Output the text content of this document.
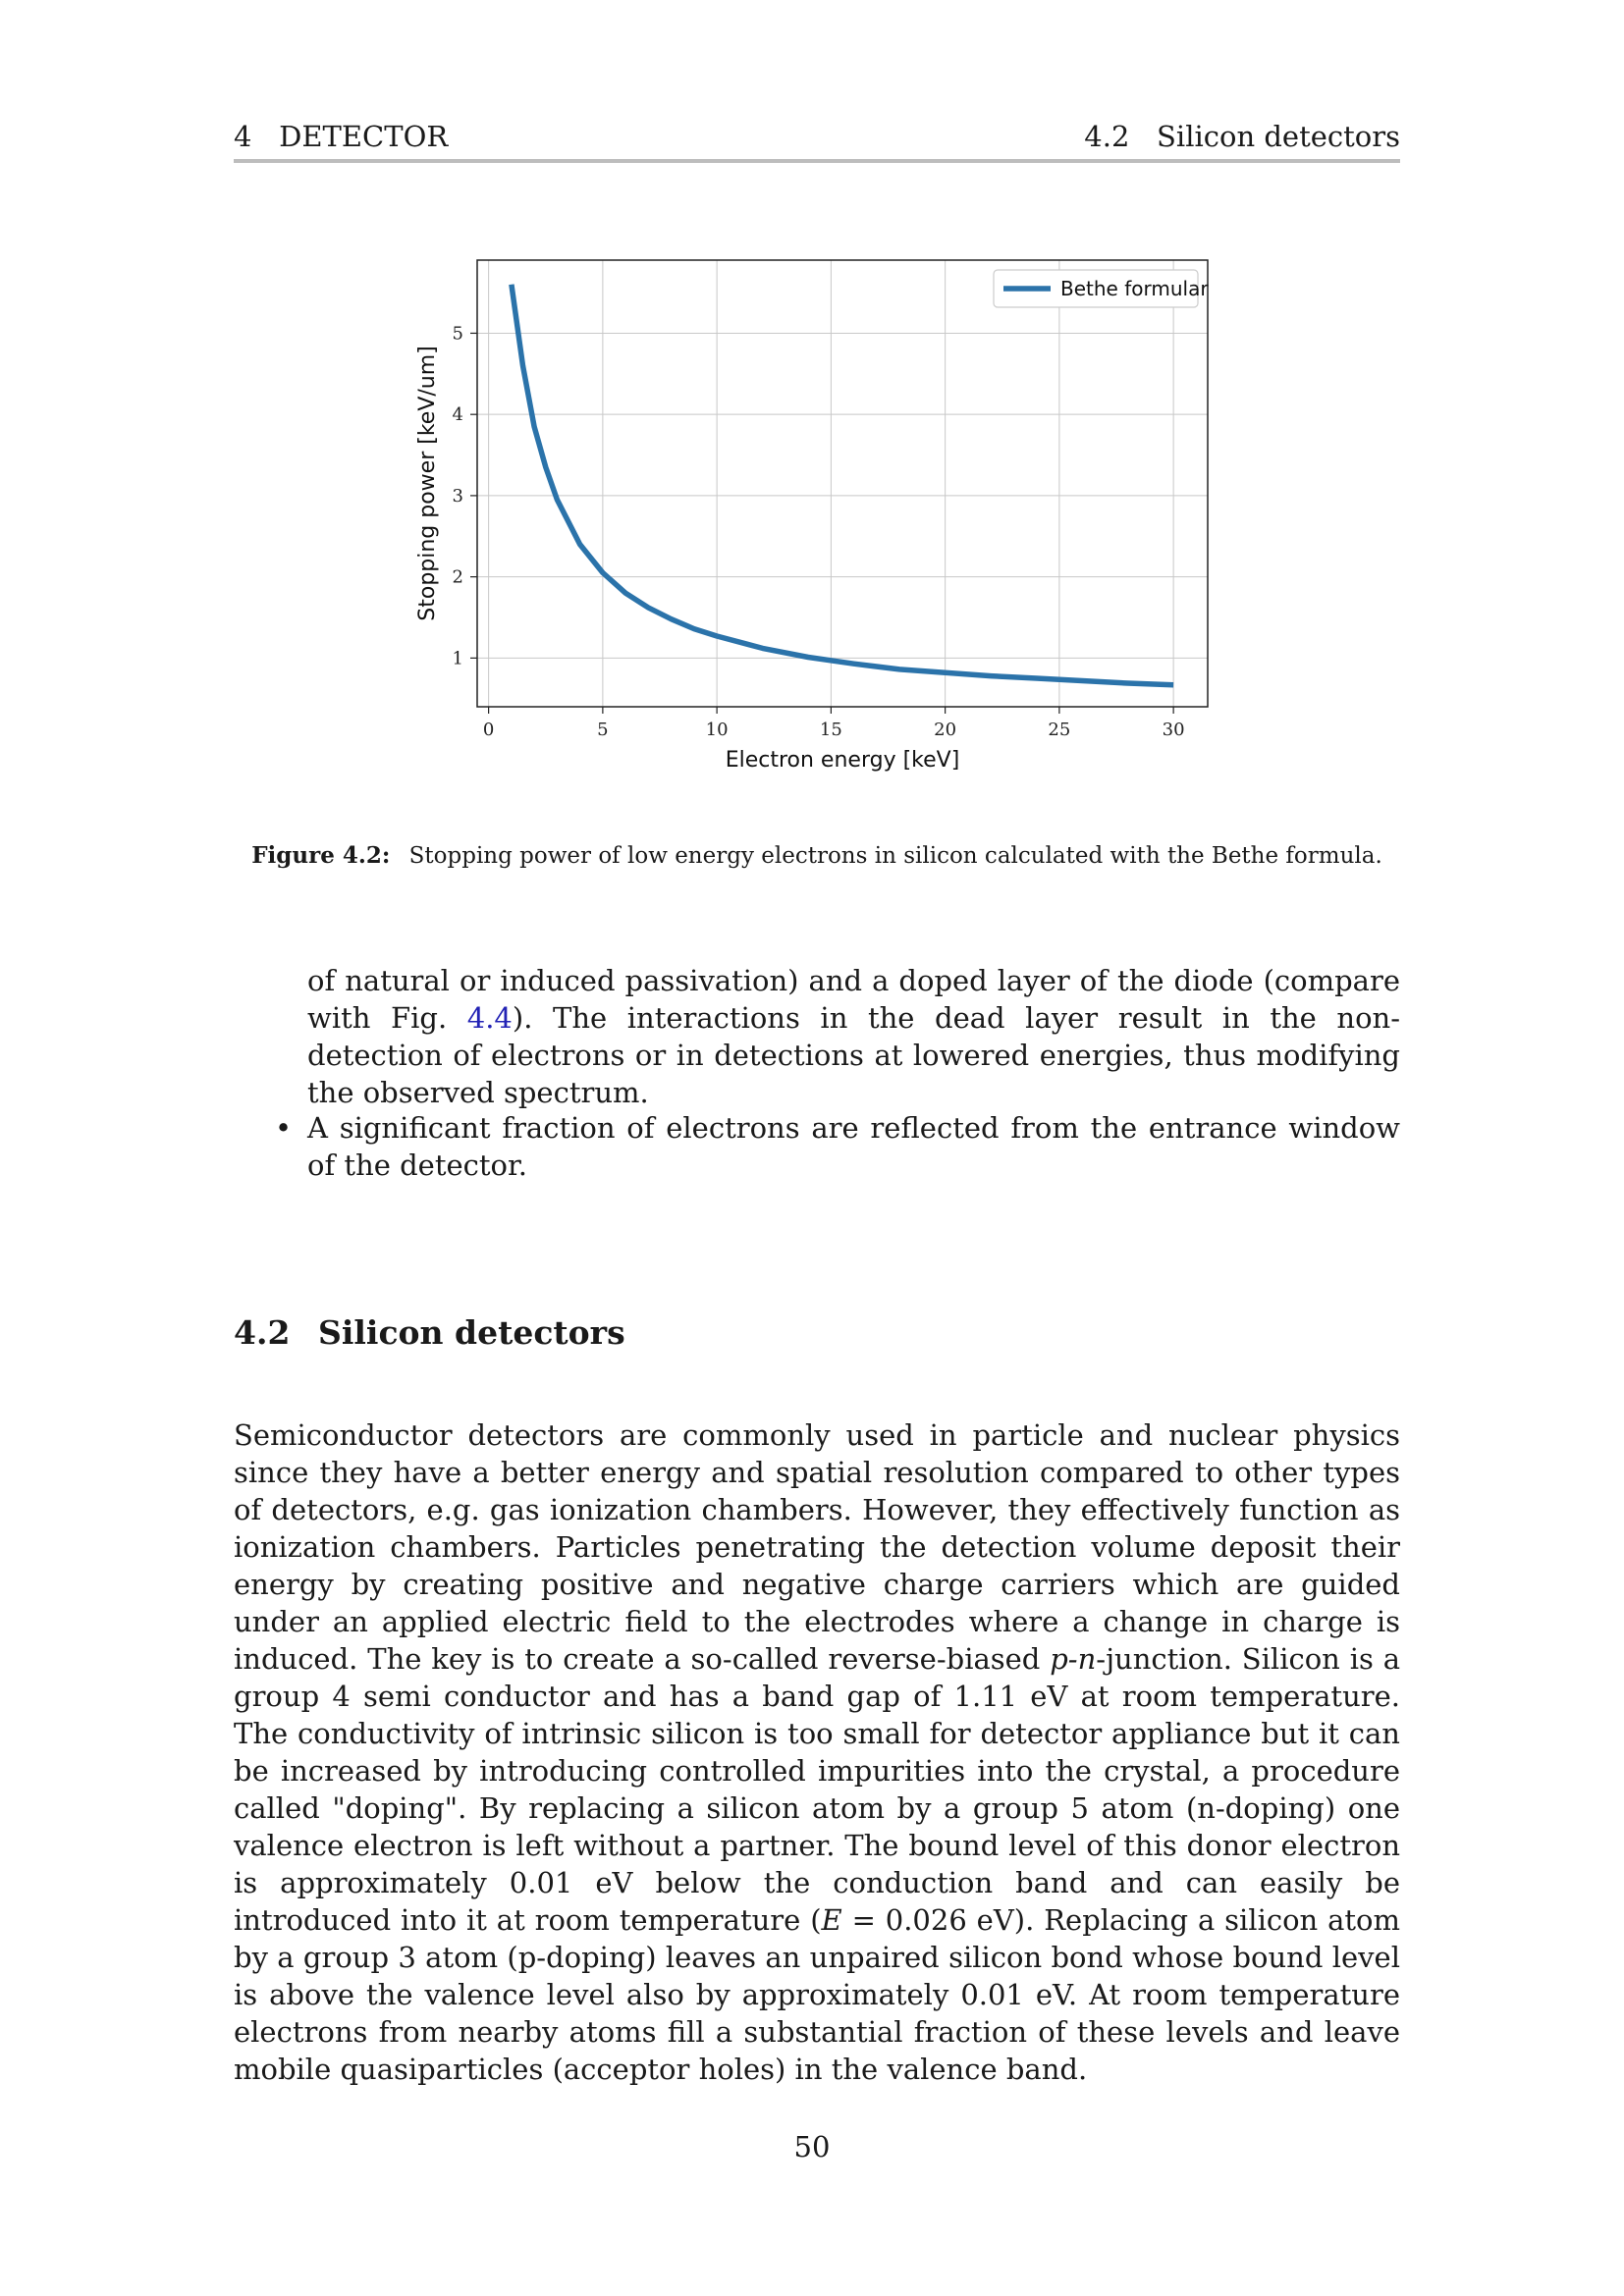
4   DETECTOR	4.2   Silicon detectors
0	5	10	15	20	25	30
1
2
3
4
5
Electron energy [keV]
Stopping power [keV/um]
Bethe formular
Figure 4.2: Stopping power of low energy electrons in silicon calculated with the Bethe formula.
of natural or induced passivation) and a doped layer of the diode (compare with Fig. 4.4). The interactions in the dead layer result in the non-detection of electrons or in detections at lowered energies, thus modifying the observed spectrum.
• A significant fraction of electrons are reflected from the entrance window of the detector.
4.2 Silicon detectors
Semiconductor detectors are commonly used in particle and nuclear physics since they have a better energy and spatial resolution compared to other types of detectors, e.g. gas ionization chambers. However, they effectively function as ionization chambers. Particles penetrating the detection volume deposit their energy by creating positive and negative charge carriers which are guided under an applied electric field to the electrodes where a change in charge is induced. The key is to create a so-called reverse-biased p-n-junction. Silicon is a group 4 semi conductor and has a band gap of 1.11 eV at room temperature. The conductivity of intrinsic silicon is too small for detector appliance but it can be increased by introducing controlled impurities into the crystal, a procedure called "doping". By replacing a silicon atom by a group 5 atom (n-doping) one valence electron is left without a partner. The bound level of this donor electron is approximately 0.01 eV below the conduction band and can easily be introduced into it at room temperature (E = 0.026 eV). Replacing a silicon atom by a group 3 atom (p-doping) leaves an unpaired silicon bond whose bound level is above the valence level also by approximately 0.01 eV. At room temperature electrons from nearby atoms fill a substantial fraction of these levels and leave mobile quasiparticles (acceptor holes) in the valence band.
50
